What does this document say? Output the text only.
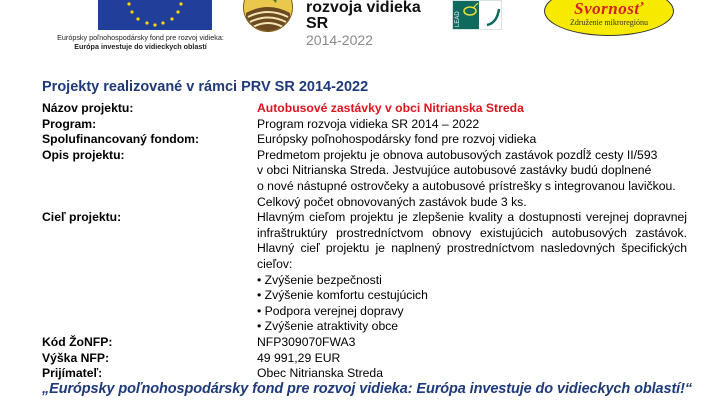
Európsky poľnohospodársky fond pre rozvoj vidieka:
Európa investuje do vidieckych oblastí
rozvoja vidieka SR
2014-2022
LEAD
Svornosť
Združenie mikroregiónu
Projekty realizované v rámci PRV SR 2014-2022
Názov projektu:	Autobusové zastávky v obci Nitrianska Streda
Program:	Program rozvoja vidieka SR 2014 – 2022
Spolufinancovaný fondom:	Európsky poľnohospodársky fond pre rozvoj vidieka
Opis projektu:	Predmetom projektu je obnova autobusových zastávok pozdĺž cesty II/593
v obci Nitrianska Streda. Jestvujúce autobusové zastávky budú doplnené
o nové nástupné ostrovčeky a autobusové prístrešky s integrovanou lavičkou.
Celkový počet obnovovaných zastávok bude 3 ks.
Cieľ projektu:	Hlavným cieľom projektu je zlepšenie kvality a dostupnosti verejnej dopravnej
infraštruktúry prostredníctvom obnovy existujúcich autobusových zastávok.
Hlavný cieľ projektu je naplnený prostredníctvom nasledovných špecifických
cieľov:
• Zvýšenie bezpečnosti
• Zvýšenie komfortu cestujúcich
• Podpora verejnej dopravy
• Zvýšenie atraktivity obce
Kód ŽoNFP:	NFP309070FWA3
Výška NFP:	49 991,29 EUR
Prijímateľ:	Obec Nitrianska Streda
„Európsky poľnohospodársky fond pre rozvoj vidieka: Európa investuje do vidieckych oblastí!“
